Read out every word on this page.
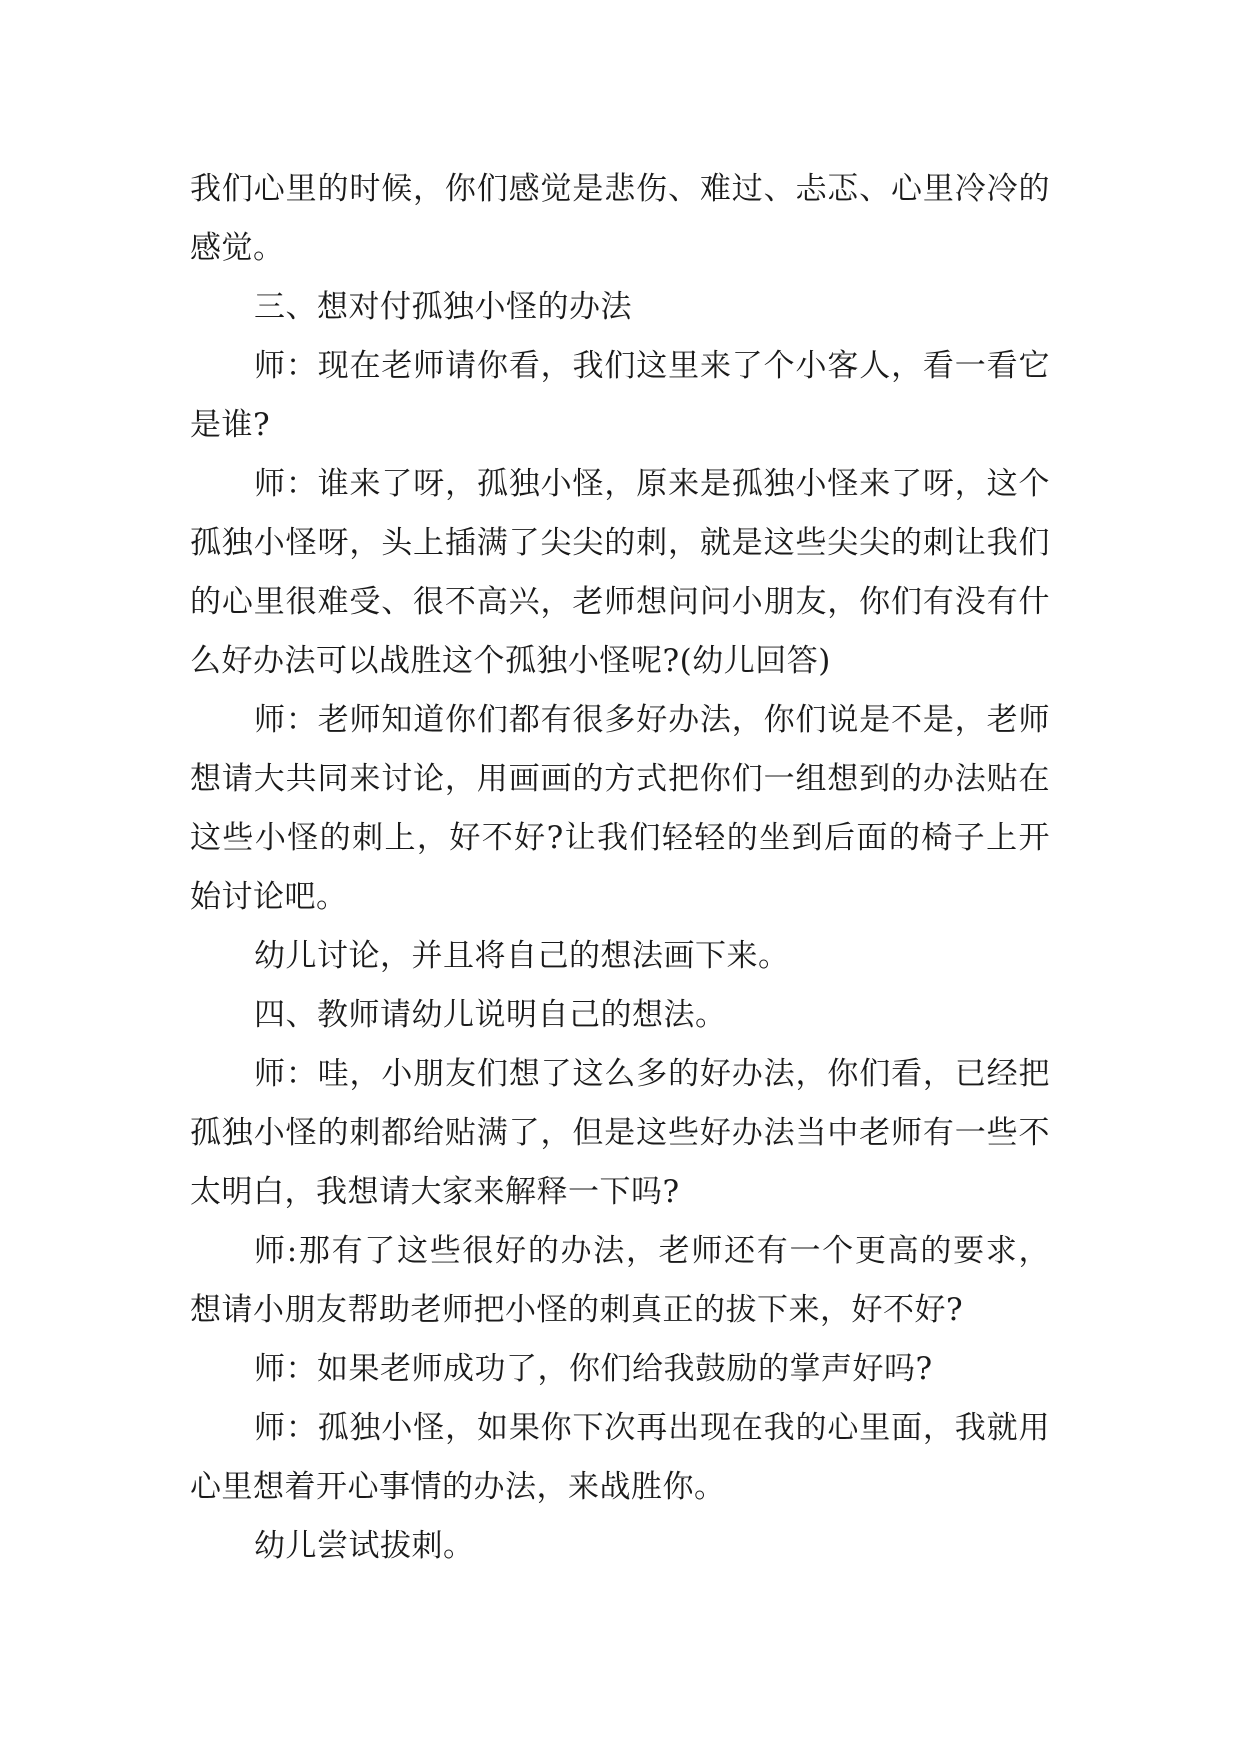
我们心里的时候，你们感觉是悲伤、难过、忐忑、心里冷冷的感觉。

三、想对付孤独小怪的办法

师：现在老师请你看，我们这里来了个小客人，看一看它是谁?

师：谁来了呀，孤独小怪，原来是孤独小怪来了呀，这个孤独小怪呀，头上插满了尖尖的刺，就是这些尖尖的刺让我们的心里很难受、很不高兴，老师想问问小朋友，你们有没有什么好办法可以战胜这个孤独小怪呢?(幼儿回答)

师：老师知道你们都有很多好办法，你们说是不是，老师想请大共同来讨论，用画画的方式把你们一组想到的办法贴在这些小怪的刺上，好不好?让我们轻轻的坐到后面的椅子上开始讨论吧。

幼儿讨论，并且将自己的想法画下来。

四、教师请幼儿说明自己的想法。

师：哇，小朋友们想了这么多的好办法，你们看，已经把孤独小怪的刺都给贴满了，但是这些好办法当中老师有一些不太明白，我想请大家来解释一下吗?

师:那有了这些很好的办法，老师还有一个更高的要求，想请小朋友帮助老师把小怪的刺真正的拔下来，好不好?

师：如果老师成功了，你们给我鼓励的掌声好吗?

师：孤独小怪，如果你下次再出现在我的心里面，我就用心里想着开心事情的办法，来战胜你。

幼儿尝试拔刺。
